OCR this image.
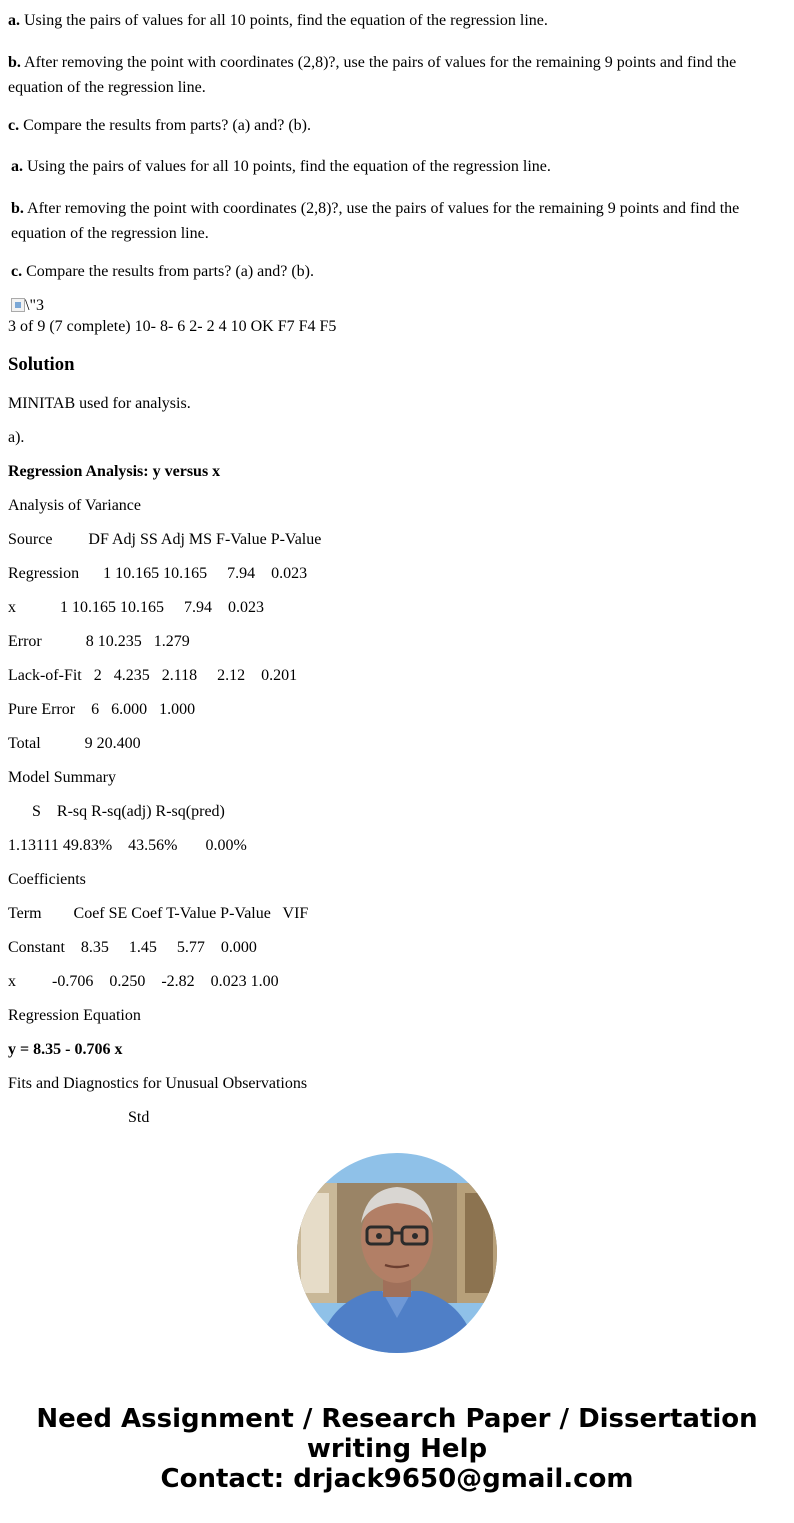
a. Using the pairs of values for all 10 points, find the equation of the regression line.

b. After removing the point with coordinates (2,8)?, use the pairs of values for the remaining 9 points and find the equation of the regression line.

c. Compare the results from parts? (a) and? (b).

a. Using the pairs of values for all 10 points, find the equation of the regression line.

b. After removing the point with coordinates (2,8)?, use the pairs of values for the remaining 9 points and find the equation of the regression line.

c. Compare the results from parts? (a) and? (b).

\"3
3 of 9 (7 complete) 10- 8- 6 2- 2 4 10 OK F7 F4 F5
Solution
MINITAB used for analysis.
a).
Regression Analysis: y versus x
Analysis of Variance
Source         DF Adj SS Adj MS F-Value P-Value
Regression      1 10.165 10.165     7.94    0.023
x           1 10.165 10.165     7.94    0.023
Error           8 10.235   1.279
Lack-of-Fit   2   4.235   2.118     2.12    0.201
Pure Error    6   6.000   1.000
Total           9 20.400
Model Summary
S    R-sq R-sq(adj) R-sq(pred)
1.13111 49.83%    43.56%       0.00%
Coefficients
Term        Coef SE Coef T-Value P-Value   VIF
Constant    8.35     1.45     5.77    0.000
x         -0.706    0.250    -2.82    0.023 1.00
Regression Equation
y = 8.35 - 0.706 x
Fits and Diagnostics for Unusual Observations
Std
Need Assignment / Research Paper / Dissertation
writing Help
Contact: drjack9650@gmail.com
